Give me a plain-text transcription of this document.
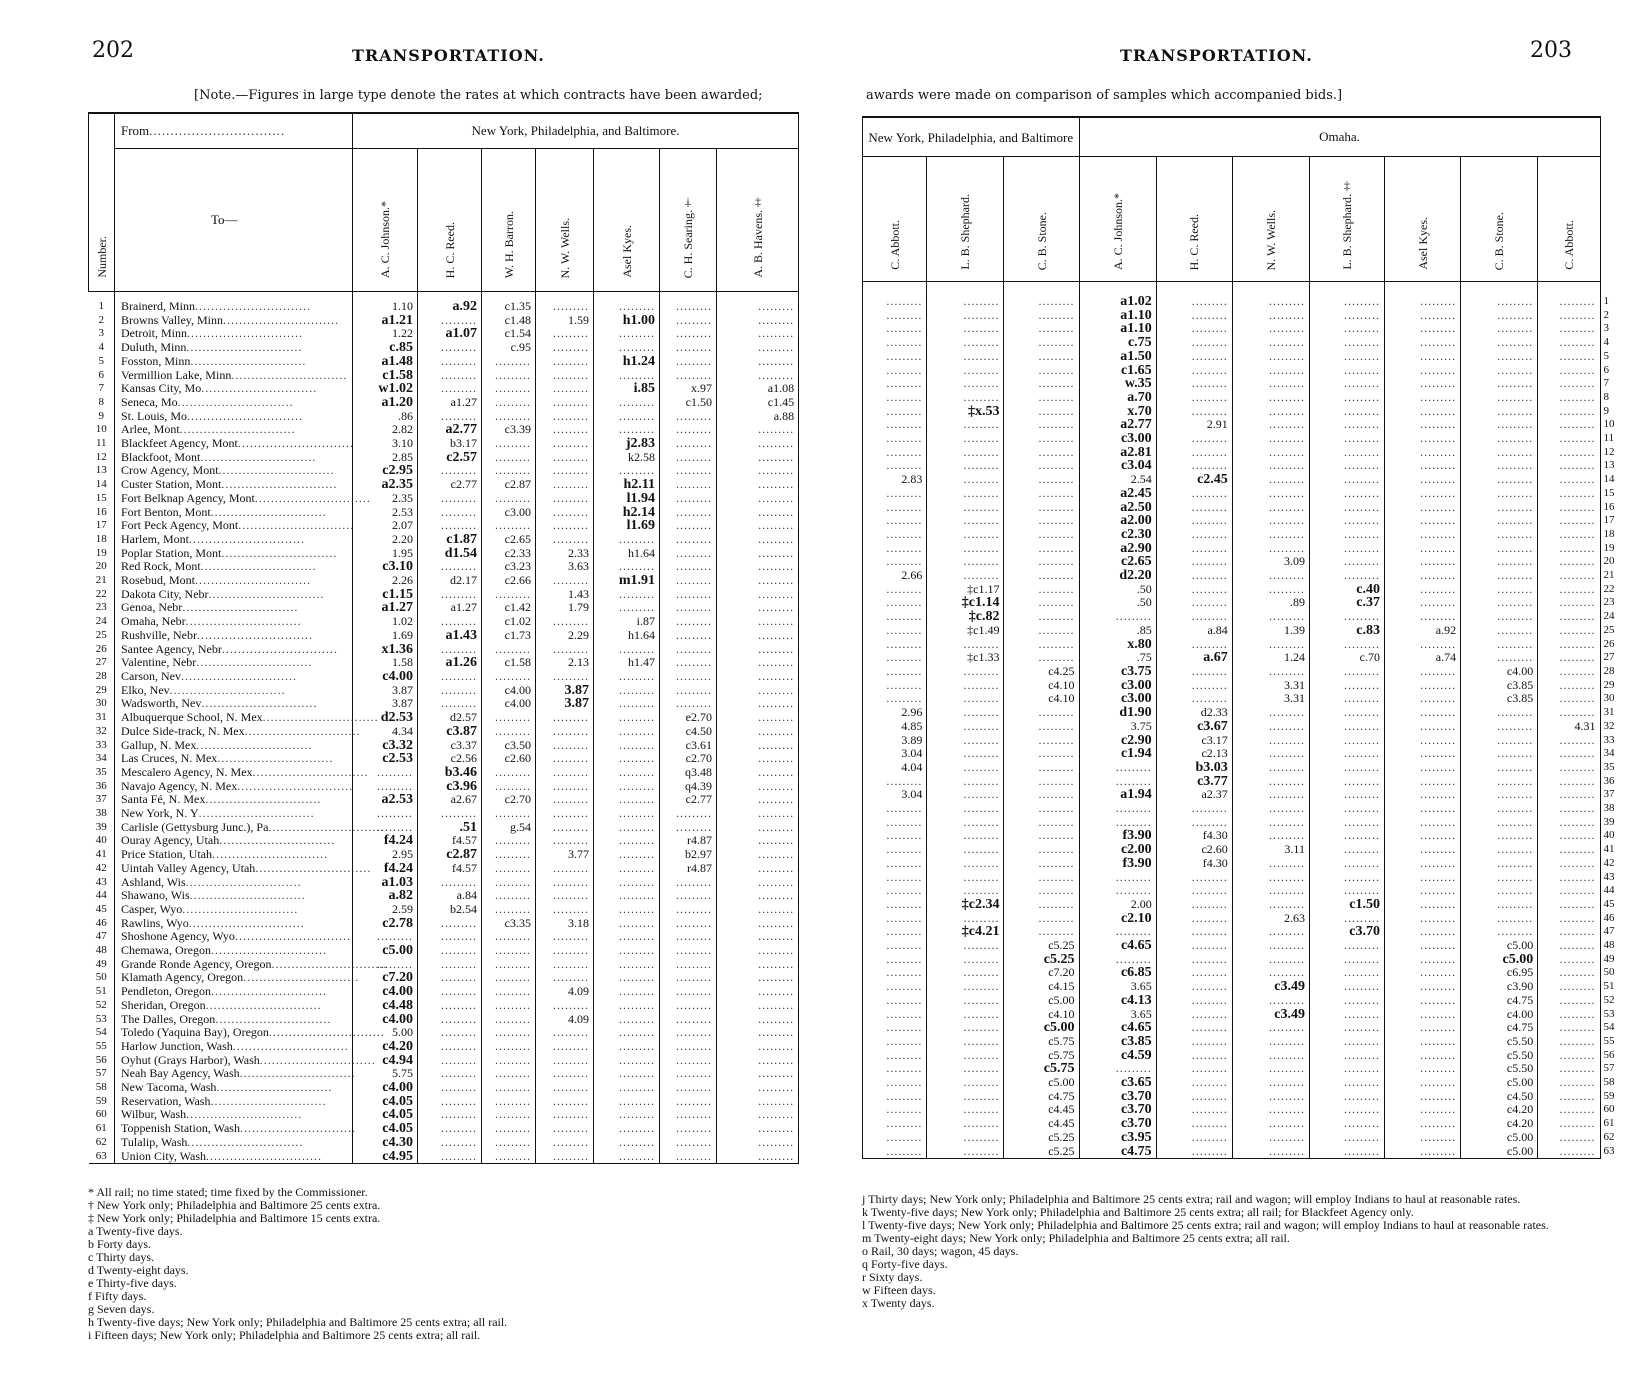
202	TRANSPORTATION.
[Note.—Figures in large type denote the rates at which contracts have been awarded;
Number.	From................................	New York, Philadelphia, and Baltimore.						
	To—	A. C. Johnson.*	H. C. Reed.	W. H. Barron.	N. W. Wells.	Asel Kyes.	C. H. Searing.†	A. B. Havens.‡

1	Brainerd, Minn.............................	1.10	a.92	c1.35	.........	.........	.........	.........
2	Browns Valley, Minn.............................	a1.21	.........	c1.48	1.59	h1.00	.........	.........
3	Detroit, Minn.............................	1.22	a1.07	c1.54	.........	.........	.........	.........
4	Duluth, Minn.............................	c.85	.........	c.95	.........	.........	.........	.........
5	Fosston, Minn.............................	a1.48	.........	.........	.........	h1.24	.........	.........
6	Vermillion Lake, Minn.............................	c1.58	.........	.........	.........	.........	.........	.........
7	Kansas City, Mo.............................	w1.02	.........	.........	.........	i.85	x.97	a1.08
8	Seneca, Mo.............................	a1.20	a1.27	.........	.........	.........	c1.50	c1.45
9	St. Louis, Mo.............................	.86	.........	.........	.........	.........	.........	a.88
10	Arlee, Mont.............................	2.82	a2.77	c3.39	.........	.........	.........	.........
11	Blackfeet Agency, Mont.............................	3.10	b3.17	.........	.........	j2.83	.........	.........
12	Blackfoot, Mont.............................	2.85	c2.57	.........	.........	k2.58	.........	.........
13	Crow Agency, Mont.............................	c2.95	.........	.........	.........	.........	.........	.........
14	Custer Station, Mont.............................	a2.35	c2.77	c2.87	.........	h2.11	.........	.........
15	Fort Belknap Agency, Mont.............................	2.35	.........	.........	.........	l1.94	.........	.........
16	Fort Benton, Mont.............................	2.53	.........	c3.00	.........	h2.14	.........	.........
17	Fort Peck Agency, Mont.............................	2.07	.........	.........	.........	l1.69	.........	.........
18	Harlem, Mont.............................	2.20	c1.87	c2.65	.........	.........	.........	.........
19	Poplar Station, Mont.............................	1.95	d1.54	c2.33	2.33	h1.64	.........	.........
20	Red Rock, Mont.............................	c3.10	.........	c3.23	3.63	.........	.........	.........
21	Rosebud, Mont.............................	2.26	d2.17	c2.66	.........	m1.91	.........	.........
22	Dakota City, Nebr.............................	c1.15	.........	.........	1.43	.........	.........	.........
23	Genoa, Nebr.............................	a1.27	a1.27	c1.42	1.79	.........	.........	.........
24	Omaha, Nebr.............................	1.02	.........	c1.02	.........	i.87	.........	.........
25	Rushville, Nebr.............................	1.69	a1.43	c1.73	2.29	h1.64	.........	.........
26	Santee Agency, Nebr.............................	x1.36	.........	.........	.........	.........	.........	.........
27	Valentine, Nebr.............................	1.58	a1.26	c1.58	2.13	h1.47	.........	.........
28	Carson, Nev.............................	c4.00	.........	.........	.........	.........	.........	.........
29	Elko, Nev.............................	3.87	.........	c4.00	3.87	.........	.........	.........
30	Wadsworth, Nev.............................	3.87	.........	c4.00	3.87	.........	.........	.........
31	Albuquerque School, N. Mex.............................	d2.53	d2.57	.........	.........	.........	e2.70	.........
32	Dulce Side-track, N. Mex.............................	4.34	c3.87	.........	.........	.........	c4.50	.........
33	Gallup, N. Mex.............................	c3.32	c3.37	c3.50	.........	.........	c3.61	.........
34	Las Cruces, N. Mex.............................	c2.53	c2.56	c2.60	.........	.........	c2.70	.........
35	Mescalero Agency, N. Mex.............................	.........	b3.46	.........	.........	.........	q3.48	.........
36	Navajo Agency, N. Mex.............................	.........	c3.96	.........	.........	.........	q4.39	.........
37	Santa Fé, N. Mex.............................	a2.53	a2.67	c2.70	.........	.........	c2.77	.........
38	New York, N. Y.............................	.........	.........	.........	.........	.........	.........	.........
39	Carlisle (Gettysburg Junc.), Pa.............................	.........	.51	g.54	.........	.........	.........	.........
40	Ouray Agency, Utah.............................	f4.24	f4.57	.........	.........	.........	r4.87	.........
41	Price Station, Utah.............................	2.95	c2.87	.........	3.77	.........	b2.97	.........
42	Uintah Valley Agency, Utah.............................	f4.24	f4.57	.........	.........	.........	r4.87	.........
43	Ashland, Wis.............................	a1.03	.........	.........	.........	.........	.........	.........
44	Shawano, Wis.............................	a.82	a.84	.........	.........	.........	.........	.........
45	Casper, Wyo.............................	2.59	b2.54	.........	.........	.........	.........	.........
46	Rawlins, Wyo.............................	c2.78	.........	c3.35	3.18	.........	.........	.........
47	Shoshone Agency, Wyo.............................	.........	.........	.........	.........	.........	.........	.........
48	Chemawa, Oregon.............................	c5.00	.........	.........	.........	.........	.........	.........
49	Grande Ronde Agency, Oregon.............................	.........	.........	.........	.........	.........	.........	.........
50	Klamath Agency, Oregon.............................	c7.20	.........	.........	.........	.........	.........	.........
51	Pendleton, Oregon.............................	c4.00	.........	.........	4.09	.........	.........	.........
52	Sheridan, Oregon.............................	c4.48	.........	.........	.........	.........	.........	.........
53	The Dalles, Oregon.............................	c4.00	.........	.........	4.09	.........	.........	.........
54	Toledo (Yaquina Bay), Oregon.............................	5.00	.........	.........	.........	.........	.........	.........
55	Harlow Junction, Wash.............................	c4.20	.........	.........	.........	.........	.........	.........
56	Oyhut (Grays Harbor), Wash.............................	c4.94	.........	.........	.........	.........	.........	.........
57	Neah Bay Agency, Wash.............................	5.75	.........	.........	.........	.........	.........	.........
58	New Tacoma, Wash.............................	c4.00	.........	.........	.........	.........	.........	.........
59	Reservation, Wash.............................	c4.05	.........	.........	.........	.........	.........	.........
60	Wilbur, Wash.............................	c4.05	.........	.........	.........	.........	.........	.........
61	Toppenish Station, Wash.............................	c4.05	.........	.........	.........	.........	.........	.........
62	Tulalip, Wash.............................	c4.30	.........	.........	.........	.........	.........	.........
63	Union City, Wash.............................	c4.95	.........	.........	.........	.........	.........	.........
* All rail; no time stated; time fixed by the Commissioner.
† New York only; Philadelphia and Baltimore 25 cents extra.
‡ New York only; Philadelphia and Baltimore 15 cents extra.
a Twenty-five days.
b Forty days.
c Thirty days.
d Twenty-eight days.
e Thirty-five days.
f Fifty days.
g Seven days.
h Twenty-five days; New York only; Philadelphia and Baltimore 25 cents extra; all rail.
i Fifteen days; New York only; Philadelphia and Baltimore 25 cents extra; all rail.
TRANSPORTATION.	203
awards were made on comparison of samples which accompanied bids.]
New York, Philadelphia, and Baltimore			Omaha.							
C. Abbott.	L. B. Shephard.	C. B. Stone.	A. C. Johnson.*	H. C. Reed.	N. W. Wells.	L. B. Shephard.‡	Asel Kyes.	C. B. Stone.	C. Abbott.	

.........	.........	.........	a1.02	.........	.........	.........	.........	.........	.........	1
.........	.........	.........	a1.10	.........	.........	.........	.........	.........	.........	2
.........	.........	.........	a1.10	.........	.........	.........	.........	.........	.........	3
.........	.........	.........	c.75	.........	.........	.........	.........	.........	.........	4
.........	.........	.........	a1.50	.........	.........	.........	.........	.........	.........	5
.........	.........	.........	c1.65	.........	.........	.........	.........	.........	.........	6
.........	.........	.........	w.35	.........	.........	.........	.........	.........	.........	7
.........	.........	.........	a.70	.........	.........	.........	.........	.........	.........	8
.........	‡x.53	.........	x.70	.........	.........	.........	.........	.........	.........	9
.........	.........	.........	a2.77	2.91	.........	.........	.........	.........	.........	10
.........	.........	.........	c3.00	.........	.........	.........	.........	.........	.........	11
.........	.........	.........	a2.81	.........	.........	.........	.........	.........	.........	12
.........	.........	.........	c3.04	.........	.........	.........	.........	.........	.........	13
2.83	.........	.........	2.54	c2.45	.........	.........	.........	.........	.........	14
.........	.........	.........	a2.45	.........	.........	.........	.........	.........	.........	15
.........	.........	.........	a2.50	.........	.........	.........	.........	.........	.........	16
.........	.........	.........	a2.00	.........	.........	.........	.........	.........	.........	17
.........	.........	.........	c2.30	.........	.........	.........	.........	.........	.........	18
.........	.........	.........	a2.90	.........	.........	.........	.........	.........	.........	19
.........	.........	.........	c2.65	.........	3.09	.........	.........	.........	.........	20
2.66	.........	.........	d2.20	.........	.........	.........	.........	.........	.........	21
.........	‡c1.17	.........	.50	.........	.........	c.40	.........	.........	.........	22
.........	‡c1.14	.........	.50	.........	.89	c.37	.........	.........	.........	23
.........	‡c.82	.........	.........	.........	.........	.........	.........	.........	.........	24
.........	‡c1.49	.........	.85	a.84	1.39	c.83	a.92	.........	.........	25
.........	.........	.........	x.80	.........	.........	.........	.........	.........	.........	26
.........	‡c1.33	.........	.75	a.67	1.24	c.70	a.74	.........	.........	27
.........	.........	c4.25	c3.75	.........	.........	.........	.........	c4.00	.........	28
.........	.........	c4.10	c3.00	.........	3.31	.........	.........	c3.85	.........	29
.........	.........	c4.10	c3.00	.........	3.31	.........	.........	c3.85	.........	30
2.96	.........	.........	d1.90	d2.33	.........	.........	.........	.........	.........	31
4.85	.........	.........	3.75	c3.67	.........	.........	.........	.........	4.31	32
3.89	.........	.........	c2.90	c3.17	.........	.........	.........	.........	.........	33
3.04	.........	.........	c1.94	c2.13	.........	.........	.........	.........	.........	34
4.04	.........	.........	.........	b3.03	.........	.........	.........	.........	.........	35
.........	.........	.........	.........	c3.77	.........	.........	.........	.........	.........	36
3.04	.........	.........	a1.94	a2.37	.........	.........	.........	.........	.........	37
.........	.........	.........	.........	.........	.........	.........	.........	.........	.........	38
.........	.........	.........	.........	.........	.........	.........	.........	.........	.........	39
.........	.........	.........	f3.90	f4.30	.........	.........	.........	.........	.........	40
.........	.........	.........	c2.00	c2.60	3.11	.........	.........	.........	.........	41
.........	.........	.........	f3.90	f4.30	.........	.........	.........	.........	.........	42
.........	.........	.........	.........	.........	.........	.........	.........	.........	.........	43
.........	.........	.........	.........	.........	.........	.........	.........	.........	.........	44
.........	‡c2.34	.........	2.00	.........	.........	c1.50	.........	.........	.........	45
.........	.........	.........	c2.10	.........	2.63	.........	.........	.........	.........	46
.........	‡c4.21	.........	.........	.........	.........	c3.70	.........	.........	.........	47
.........	.........	c5.25	c4.65	.........	.........	.........	.........	c5.00	.........	48
.........	.........	c5.25	.........	.........	.........	.........	.........	c5.00	.........	49
.........	.........	c7.20	c6.85	.........	.........	.........	.........	c6.95	.........	50
.........	.........	c4.15	3.65	.........	c3.49	.........	.........	c3.90	.........	51
.........	.........	c5.00	c4.13	.........	.........	.........	.........	c4.75	.........	52
.........	.........	c4.10	3.65	.........	c3.49	.........	.........	c4.00	.........	53
.........	.........	c5.00	c4.65	.........	.........	.........	.........	c4.75	.........	54
.........	.........	c5.75	c3.85	.........	.........	.........	.........	c5.50	.........	55
.........	.........	c5.75	c4.59	.........	.........	.........	.........	c5.50	.........	56
.........	.........	c5.75	.........	.........	.........	.........	.........	c5.50	.........	57
.........	.........	c5.00	c3.65	.........	.........	.........	.........	c5.00	.........	58
.........	.........	c4.75	c3.70	.........	.........	.........	.........	c4.50	.........	59
.........	.........	c4.45	c3.70	.........	.........	.........	.........	c4.20	.........	60
.........	.........	c4.45	c3.70	.........	.........	.........	.........	c4.20	.........	61
.........	.........	c5.25	c3.95	.........	.........	.........	.........	c5.00	.........	62
.........	.........	c5.25	c4.75	.........	.........	.........	.........	c5.00	.........	63
j Thirty days; New York only; Philadelphia and Baltimore 25 cents extra; rail and wagon; will employ Indians to haul at reasonable rates.
k Twenty-five days; New York only; Philadelphia and Baltimore 25 cents extra; all rail; for Blackfeet Agency only.
l Twenty-five days; New York only; Philadelphia and Baltimore 25 cents extra; rail and wagon; will employ Indians to haul at reasonable rates.
m Twenty-eight days; New York only; Philadelphia and Baltimore 25 cents extra; all rail.
o Rail, 30 days; wagon, 45 days.
q Forty-five days.
r Sixty days.
w Fifteen days.
x Twenty days.
